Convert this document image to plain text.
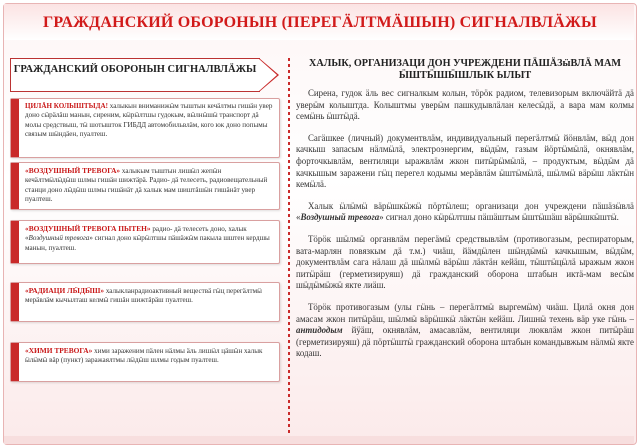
ГРАЖДАНСКИЙ ОБОРОНЫН (ПЕРЕГӒЛТМӒШЫН) СИГНАЛВЛӒЖЫ
ГРАЖДАНСКИЙ ОБОРОНЫН СИГНАЛВЛӒЖЫ
ЦИЛӒН КОЛЫШТЫДА! халыкын вниманижӹм тыштын кечӓлтмы гишӓн увер доно сӹрӓлӓш манын, сиреним, кӹрӹлтшы гудокым, вӹлнӹшӹ транспорт дӓ молы средствыш, тӹ шотышток ГИБДД автомобильвлӓм, кого юк доно попымы связым шӹндӓен, пуалтеш.
«ВОЗДУШНЫЙ ТРЕВОГА» халыкым тыштын лишӹл жепӹн кечӓлтмӹлӹдӹш шлмы гишӓн шижтӓрӓ. Радио- дӓ телесеть, радиовещательный станци доно лӹдӹш шлмы гишӓнӓт дӓ халык мам шиштӓшӹн гишӓнӓт увер пуалтеш.
«ВОЗДУШНЫЙ ТРЕВОГА ПЫТЕН» радио- дӓ телесеть доно, халык «Воздушный тревога» сигнал доно кӹрӹлтшы пӓшӓжӹм пакыла шштен кердшы манын, пуалтеш.
«РАДИАЦИ ЛӸДӸШ» халыкланрадиоактивный веществӓ гӹц перегӓлтмӹ мерӓвлӓм кычылташ келмӹ гишӓн шижтӓрӓш пуалтеш.
«ХИМИ ТРЕВОГА» хими зараженим пӓлен нӓлмы ӓль лишӹл цӓшӹн халык ӹлӹмӹ вӓр (пункт) заражаялтмы лӹдӹш шлмы годым пуалтеш.
ХАЛЫК, ОРГАНИЗАЦИ ДОН УЧРЕЖДЕНИ ПӒШӒЗӹВЛӒ МАМ ӸШТӸШӸШЛЫК ЫЛЫТ

Сирена, гудок ӓль вес сигналкым колын, тӧрӧк радиом, телевизорым включӓйтӓ дӓ уверӹм колыштда. Колыштмы уверӹм пашкудывлӓлан келесӹдӓ, а вара мам колмы семӹнь ӹштӹдӓ.

Сагӓшкее (личный) документвлӓм, индивидуальный перегӓлтмӹ йӧнвлӓм, вӹд дон качкыш запасым нӓлмӹлӓ, электроэнергим, вӹдӹм, газым йӧртӹмӹлӓ, окнявлӓм, форточкывлӓм, вентиляци ыражвлӓм жкон питӹрӹмӹлӓ, – продуктым, вӹдӹм дӓ качкышым заражени гӹц перегел кодымы мерӓвлӓм ӹштӹмӹлӓ, шӹлмӹ вӓрӹш лӓктӹн кемӹлӓ.

Халык ӹлӹмӹ вӓрӹшкӹжӹ пӧртӹлеш; организаци дон учреждени пӓшӓзӹвлӓ «Воздушный тревога» сигнал доно кӹрӹлтшы пӓшӓштым ӹштӹшӓш вӓрӹшкӹштӹ.

Тӧрӧк шӹлмӹ органвлӓм перегӓмӹ средствывлӓм (противогазым, респираторым, вата-марлян повязкым дӓ т.м.) чиӓш, йӓмдӹлен шӹндӹмӹ качкышым, вӹдӹм, документвлӓм сага нӓлаш дӓ шӹлмӹ вӓрӹш лӓктӓн кейӓш, тӹштӹцӹлӓ ыражым жкон питӹрӓш (герметизируяш) дӓ гражданский оборона штабын иктӓ-мам весӹм шӹдӹмӹжӹ якте лиӓш.

Тӧрӧк противогазым (улы гӹнь – перегӓлтмӹ выргемӹм) чиӓш. Цилӓ окня дон амасам жкон питӹрӓш, шӹлмӹ вӓрӹшкӹ лӓктӹн кейӓш. Лишнӹ техень вӓр уке гӹнь – антидодым йӱӓш, окнявлӓм, амасавлӓм, вентиляци люквлӓм жкон питӹрӓш (герметизируяш) дӓ пӧртӹштӹ гражданский оборона штабын командывжым нӓлмӹ якте кодаш.
